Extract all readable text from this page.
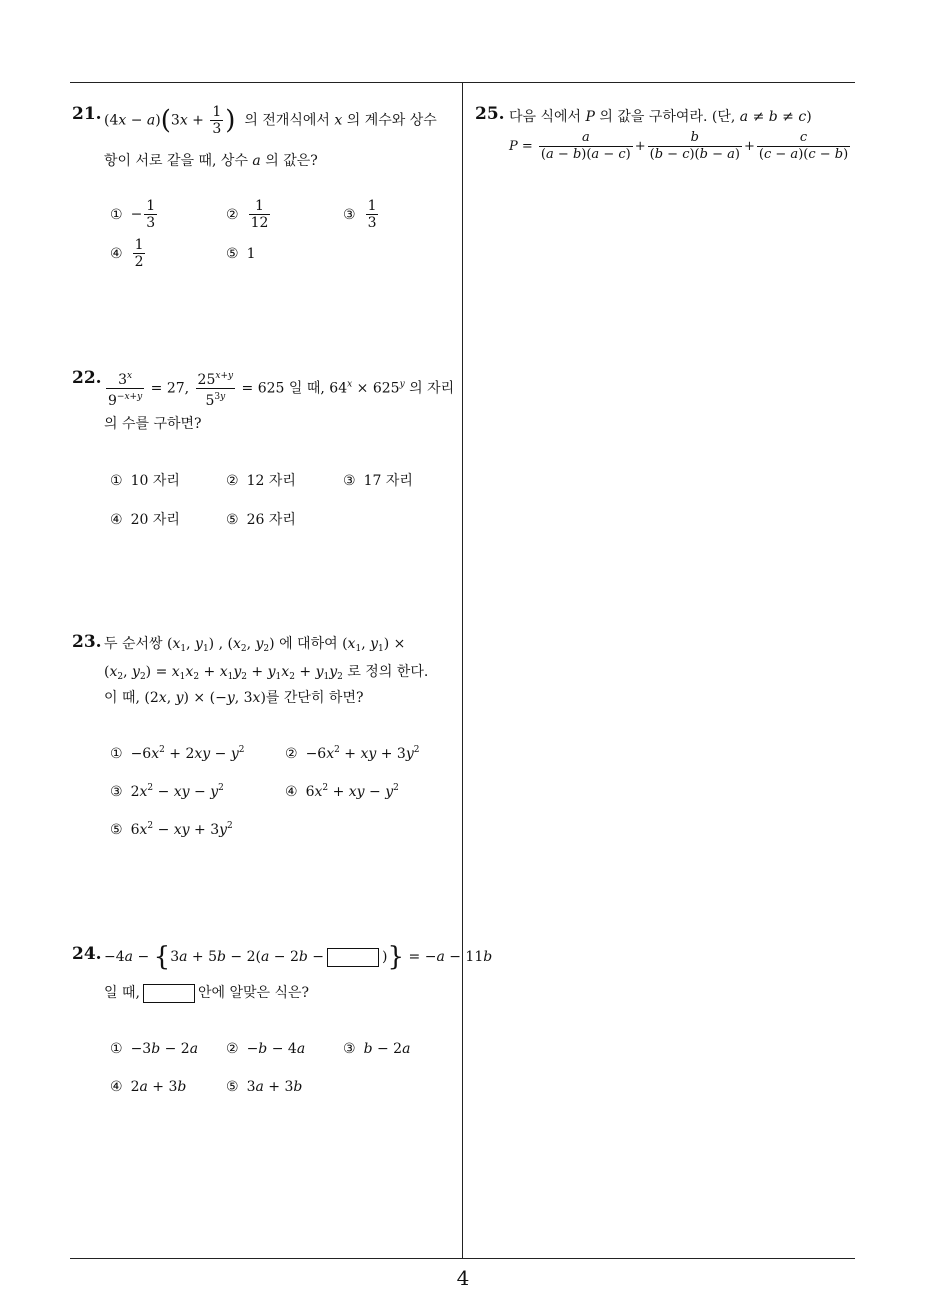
21. $(4x - a)(3x + \frac{1}{3}$ ) 의 전개식에서 x 의 계수와 상수
항이 서로 같을 때, 상수 a 의 값은?
① − $\frac{1}{3}$	② $\frac{1}{12}$	③ $\frac{1}{3}$
④ $\frac{1}{2}$	⑤ 1
22. $\frac{3^x}{9^{-x+y}} = 27$, $\frac{25^{x+y}}{5^{3y}} = 625$ 일 때, $64^x \times 625^y$ 의 자리
의 수를 구하면?
① 10 자리	② 12 자리	③ 17 자리
④ 20 자리	⑤ 26 자리
23. 두 순서쌍 ($x_1$, $y_1$) , ($x_2$, $y_2$) 에 대하여 ($x_1$, $y_1$) ×
($x_2$, $y_2) = x_1x_2 + x_1y_2 + y_1x_2 + y_1y_2$ 로 정의 한다.
이 때, (2x, y) × (−y, 3x)를 간단히 하면?
① $-6x^2 + 2xy - y^2$	② $-6x^2$ + xy + $3y^2$
③ $2x^2$ − xy − $y^2$	④ $6x^2$ + xy − $y^2$
⑤ $6x^2$ − xy + $3y^2$
24. −4a − {3a + 5b − 2(a − 2b −	)} = −a − 11b
일 때,	안에 알맞은 식은?
① −3b − 2a ② −b − 4a	③ b − 2a
④ 2a + 3b	⑤ 3a + 3b
25. 다음 식에서 P 의 값을 구하여라. (단, a ≠ b ≠ c)
$P = \frac{a}{(a - b)(a - c)} + \frac{b}{(b - c)(b - a)} + \frac{c}{(c - a)(c - b)}$
4
